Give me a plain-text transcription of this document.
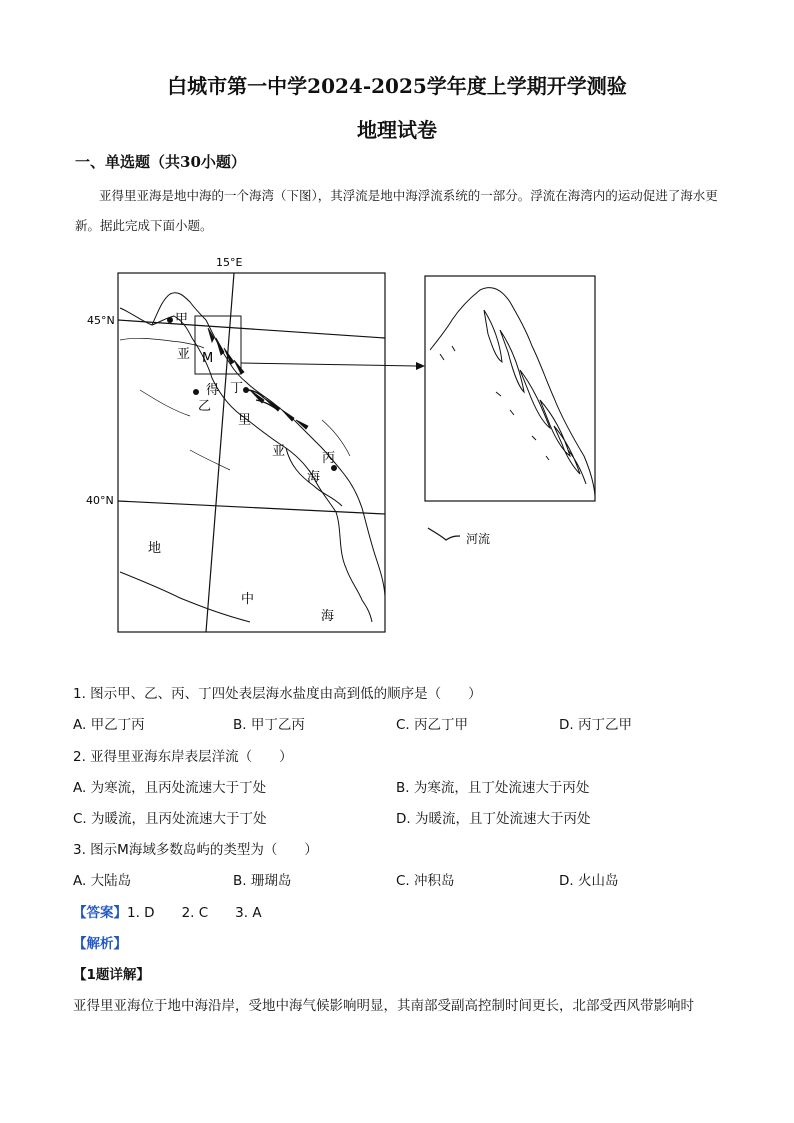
白城市第一中学2024-2025学年度上学期开学测验
地理试卷
一、单选题（共30小题）
亚得里亚海是地中海的一个海湾（下图），其浮流是地中海浮流系统的一部分。浮流在海湾内的运动促进了海水更新。据此完成下面小题。
15°E
45°N
40°N
甲
M
乙
丁
丙
亚
得
里
亚
海
地
中
海
河流
1. 图示甲、乙、丙、丁四处表层海水盐度由高到低的顺序是（　　）
A. 甲乙丁丙	B. 甲丁乙丙	C. 丙乙丁甲	D. 丙丁乙甲
2. 亚得里亚海东岸表层洋流（　　）
A. 为寒流，且丙处流速大于丁处	B. 为寒流，且丁处流速大于丙处
C. 为暖流，且丙处流速大于丁处	D. 为暖流，且丁处流速大于丙处
3. 图示M海域多数岛屿的类型为（　　）
A. 大陆岛	B. 珊瑚岛	C. 冲积岛	D. 火山岛
【答案】1. D　　2. C　　3. A
【解析】
【1题详解】
亚得里亚海位于地中海沿岸，受地中海气候影响明显，其南部受副高控制时间更长，北部受西风带影响时
